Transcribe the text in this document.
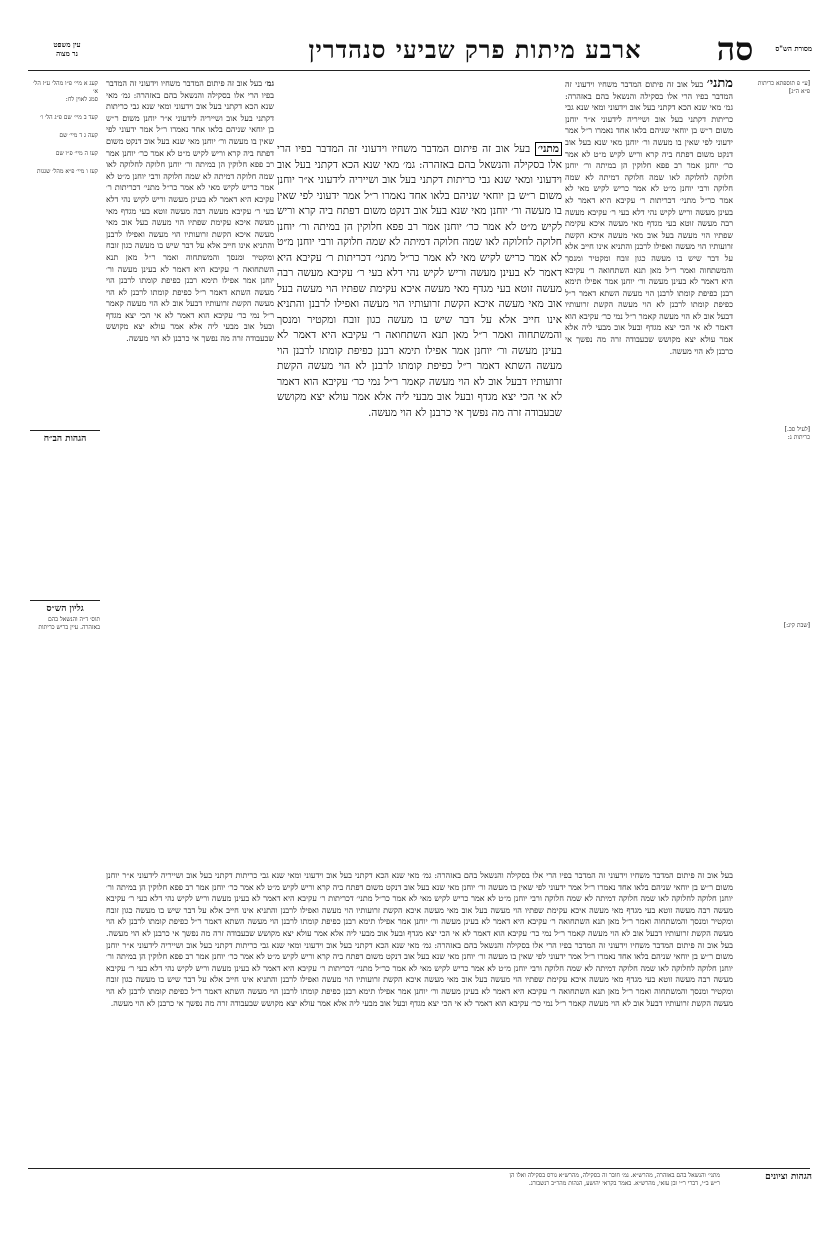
מסורת הש"ס
ארבע מיתות פרק שביעי סנהדרין	סה
עין משפט
נר מצוה
[ע״ פ תוספתא כריתות
פ״א ה״ג]
[לעיל סב.]
כריתות ג:
[שבת קיג:]
קעג א מיי׳ פ״ו מהל׳ ע״ז הל׳ א׳
סמג לאוין לח:
קעד ב מיי׳ שם פ״ג הל׳ ו׳
קעה ג ד מיי׳ שם
קעו ה מיי׳ פ״ו שם
קעז ו מיי׳ פ״א מהל׳ שגגות
הגהות הב״ח
גליון הש״ס
תוס׳ ד״ה והנשאל בהם באזהרה. עיין בריש כריתות
מתני׳ בעל אוב זה פיתום המדבר משחיו וידעוני זה המדבר בפיו הרי אלו בסקילה והנשאל בהם באזהרה: גמ׳ מאי שנא הכא דקתני בעל אוב וידעוני ומאי שנא גבי כריתות דקתני בעל אוב ושייריה לידעוני א״ר יוחנן משום ר״ש בן יוחאי שניהם בלאו אחד נאמרו ר״ל אמר ידעוני לפי שאין בו מעשה ור׳ יוחנן מאי שנא בעל אוב דנקט משום דפתח ביה קרא וריש לקיש מ״ט לא אמר כר׳ יוחנן אמר רב פפא חלוקין הן במיתה ור׳ יוחנן חלוקה לחלוקה לאו שמה חלוקה דמיתה לא שמה חלוקה ורבי יוחנן מ״ט לא אמר כריש לקיש מאי לא אמר כר״ל מתני׳ דכריתות ר׳ עקיבא היא דאמר לא בעינן מעשה וריש לקיש נהי דלא בעי ר׳ עקיבא מעשה רבה מעשה זוטא בעי מגדף מאי מעשה איכא עקימת שפתיו הוי מעשה בעל אוב מאי מעשה איכא הקשת זרועותיו הוי מעשה ואפילו לרבנן והתניא אינו חייב אלא על דבר שיש בו מעשה כגון זובח ומקטיר ומנסך והמשתחוה ואמר ר״ל מאן תנא השתחואה ר׳ עקיבא היא דאמר לא בעינן מעשה ור׳ יוחנן אמר אפילו תימא רבנן כפיפת קומתו לרבנן הוי מעשה השתא דאמר ר״ל כפיפת קומתו לרבנן לא הוי מעשה הקשת זרועותיו דבעל אוב לא הוי מעשה קאמר ר״ל נמי כר׳ עקיבא הוא דאמר לא אי הכי יצא מגדף ובעל אוב מבעי ליה אלא אמר עולא יצא מקושש שבעבודה זרה מה נפשך אי כרבנן לא הוי מעשה.
מתני׳ בעל אוב זה פיתום המדבר משחיו וידעוני זה המדבר בפיו הרי אלו בסקילה והנשאל בהם באזהרה: גמ׳ מאי שנא הכא דקתני בעל אוב וידעוני ומאי שנא גבי כריתות דקתני בעל אוב ושייריה לידעוני א״ר יוחנן משום ר״ש בן יוחאי שניהם בלאו אחד נאמרו ר״ל אמר ידעוני לפי שאין בו מעשה ור׳ יוחנן מאי שנא בעל אוב דנקט משום דפתח ביה קרא וריש לקיש מ״ט לא אמר כר׳ יוחנן אמר רב פפא חלוקין הן במיתה ור׳ יוחנן חלוקה לחלוקה לאו שמה חלוקה דמיתה לא שמה חלוקה ורבי יוחנן מ״ט לא אמר כריש לקיש מאי לא אמר כר״ל מתני׳ דכריתות ר׳ עקיבא היא דאמר לא בעינן מעשה וריש לקיש נהי דלא בעי ר׳ עקיבא מעשה רבה מעשה זוטא בעי מגדף מאי מעשה איכא עקימת שפתיו הוי מעשה בעל אוב מאי מעשה איכא הקשת זרועותיו הוי מעשה ואפילו לרבנן והתניא אינו חייב אלא על דבר שיש בו מעשה כגון זובח ומקטיר ומנסך והמשתחוה ואמר ר״ל מאן תנא השתחואה ר׳ עקיבא היא דאמר לא בעינן מעשה ור׳ יוחנן אמר אפילו תימא רבנן כפיפת קומתו לרבנן הוי מעשה השתא דאמר ר״ל כפיפת קומתו לרבנן לא הוי מעשה הקשת זרועותיו דבעל אוב לא הוי מעשה קאמר ר״ל נמי כר׳ עקיבא הוא דאמר לא אי הכי יצא מגדף ובעל אוב מבעי ליה אלא אמר עולא יצא מקושש שבעבודה זרה מה נפשך אי כרבנן לא הוי מעשה.
גמ׳ בעל אוב זה פיתום המדבר משחיו וידעוני זה המדבר בפיו הרי אלו בסקילה והנשאל בהם באזהרה: גמ׳ מאי שנא הכא דקתני בעל אוב וידעוני ומאי שנא גבי כריתות דקתני בעל אוב ושייריה לידעוני א״ר יוחנן משום ר״ש בן יוחאי שניהם בלאו אחד נאמרו ר״ל אמר ידעוני לפי שאין בו מעשה ור׳ יוחנן מאי שנא בעל אוב דנקט משום דפתח ביה קרא וריש לקיש מ״ט לא אמר כר׳ יוחנן אמר רב פפא חלוקין הן במיתה ור׳ יוחנן חלוקה לחלוקה לאו שמה חלוקה דמיתה לא שמה חלוקה ורבי יוחנן מ״ט לא אמר כריש לקיש מאי לא אמר כר״ל מתני׳ דכריתות ר׳ עקיבא היא דאמר לא בעינן מעשה וריש לקיש נהי דלא בעי ר׳ עקיבא מעשה רבה מעשה זוטא בעי מגדף מאי מעשה איכא עקימת שפתיו הוי מעשה בעל אוב מאי מעשה איכא הקשת זרועותיו הוי מעשה ואפילו לרבנן והתניא אינו חייב אלא על דבר שיש בו מעשה כגון זובח ומקטיר ומנסך והמשתחוה ואמר ר״ל מאן תנא השתחואה ר׳ עקיבא היא דאמר לא בעינן מעשה ור׳ יוחנן אמר אפילו תימא רבנן כפיפת קומתו לרבנן הוי מעשה השתא דאמר ר״ל כפיפת קומתו לרבנן לא הוי מעשה הקשת זרועותיו דבעל אוב לא הוי מעשה קאמר ר״ל נמי כר׳ עקיבא הוא דאמר לא אי הכי יצא מגדף ובעל אוב מבעי ליה אלא אמר עולא יצא מקושש שבעבודה זרה מה נפשך אי כרבנן לא הוי מעשה.
בעל אוב זה פיתום המדבר משחיו וידעוני זה המדבר בפיו הרי אלו בסקילה והנשאל בהם באזהרה: גמ׳ מאי שנא הכא דקתני בעל אוב וידעוני ומאי שנא גבי כריתות דקתני בעל אוב ושייריה לידעוני א״ר יוחנן משום ר״ש בן יוחאי שניהם בלאו אחד נאמרו ר״ל אמר ידעוני לפי שאין בו מעשה ור׳ יוחנן מאי שנא בעל אוב דנקט משום דפתח ביה קרא וריש לקיש מ״ט לא אמר כר׳ יוחנן אמר רב פפא חלוקין הן במיתה ור׳ יוחנן חלוקה לחלוקה לאו שמה חלוקה דמיתה לא שמה חלוקה ורבי יוחנן מ״ט לא אמר כריש לקיש מאי לא אמר כר״ל מתני׳ דכריתות ר׳ עקיבא היא דאמר לא בעינן מעשה וריש לקיש נהי דלא בעי ר׳ עקיבא מעשה רבה מעשה זוטא בעי מגדף מאי מעשה איכא עקימת שפתיו הוי מעשה בעל אוב מאי מעשה איכא הקשת זרועותיו הוי מעשה ואפילו לרבנן והתניא אינו חייב אלא על דבר שיש בו מעשה כגון זובח ומקטיר ומנסך והמשתחוה ואמר ר״ל מאן תנא השתחואה ר׳ עקיבא היא דאמר לא בעינן מעשה ור׳ יוחנן אמר אפילו תימא רבנן כפיפת קומתו לרבנן הוי מעשה השתא דאמר ר״ל כפיפת קומתו לרבנן לא הוי מעשה הקשת זרועותיו דבעל אוב לא הוי מעשה קאמר ר״ל נמי כר׳ עקיבא הוא דאמר לא אי הכי יצא מגדף ובעל אוב מבעי ליה אלא אמר עולא יצא מקושש שבעבודה זרה מה נפשך אי כרבנן לא הוי מעשה. בעל אוב זה פיתום המדבר משחיו וידעוני זה המדבר בפיו הרי אלו בסקילה והנשאל בהם באזהרה: גמ׳ מאי שנא הכא דקתני בעל אוב וידעוני ומאי שנא גבי כריתות דקתני בעל אוב ושייריה לידעוני א״ר יוחנן משום ר״ש בן יוחאי שניהם בלאו אחד נאמרו ר״ל אמר ידעוני לפי שאין בו מעשה ור׳ יוחנן מאי שנא בעל אוב דנקט משום דפתח ביה קרא וריש לקיש מ״ט לא אמר כר׳ יוחנן אמר רב פפא חלוקין הן במיתה ור׳ יוחנן חלוקה לחלוקה לאו שמה חלוקה דמיתה לא שמה חלוקה ורבי יוחנן מ״ט לא אמר כריש לקיש מאי לא אמר כר״ל מתני׳ דכריתות ר׳ עקיבא היא דאמר לא בעינן מעשה וריש לקיש נהי דלא בעי ר׳ עקיבא מעשה רבה מעשה זוטא בעי מגדף מאי מעשה איכא עקימת שפתיו הוי מעשה בעל אוב מאי מעשה איכא הקשת זרועותיו הוי מעשה ואפילו לרבנן והתניא אינו חייב אלא על דבר שיש בו מעשה כגון זובח ומקטיר ומנסך והמשתחוה ואמר ר״ל מאן תנא השתחואה ר׳ עקיבא היא דאמר לא בעינן מעשה ור׳ יוחנן אמר אפילו תימא רבנן כפיפת קומתו לרבנן הוי מעשה השתא דאמר ר״ל כפיפת קומתו לרבנן לא הוי מעשה הקשת זרועותיו דבעל אוב לא הוי מעשה קאמר ר״ל נמי כר׳ עקיבא הוא דאמר לא אי הכי יצא מגדף ובעל אוב מבעי ליה אלא אמר עולא יצא מקושש שבעבודה זרה מה נפשך אי כרבנן לא הוי מעשה.
הגהות וציונים
מתני׳ והנשאל בהם באזהרה, מהרש״א. גמ׳ חובר זה בסקילה, מהרש״א גורס בסקילה ואלו הן
ר״ש ב״י, דברי ר״י ובן עזאי, מהרש״א. באמר בקראי יהושע, הגהות מהר״ב רנשבורג.
